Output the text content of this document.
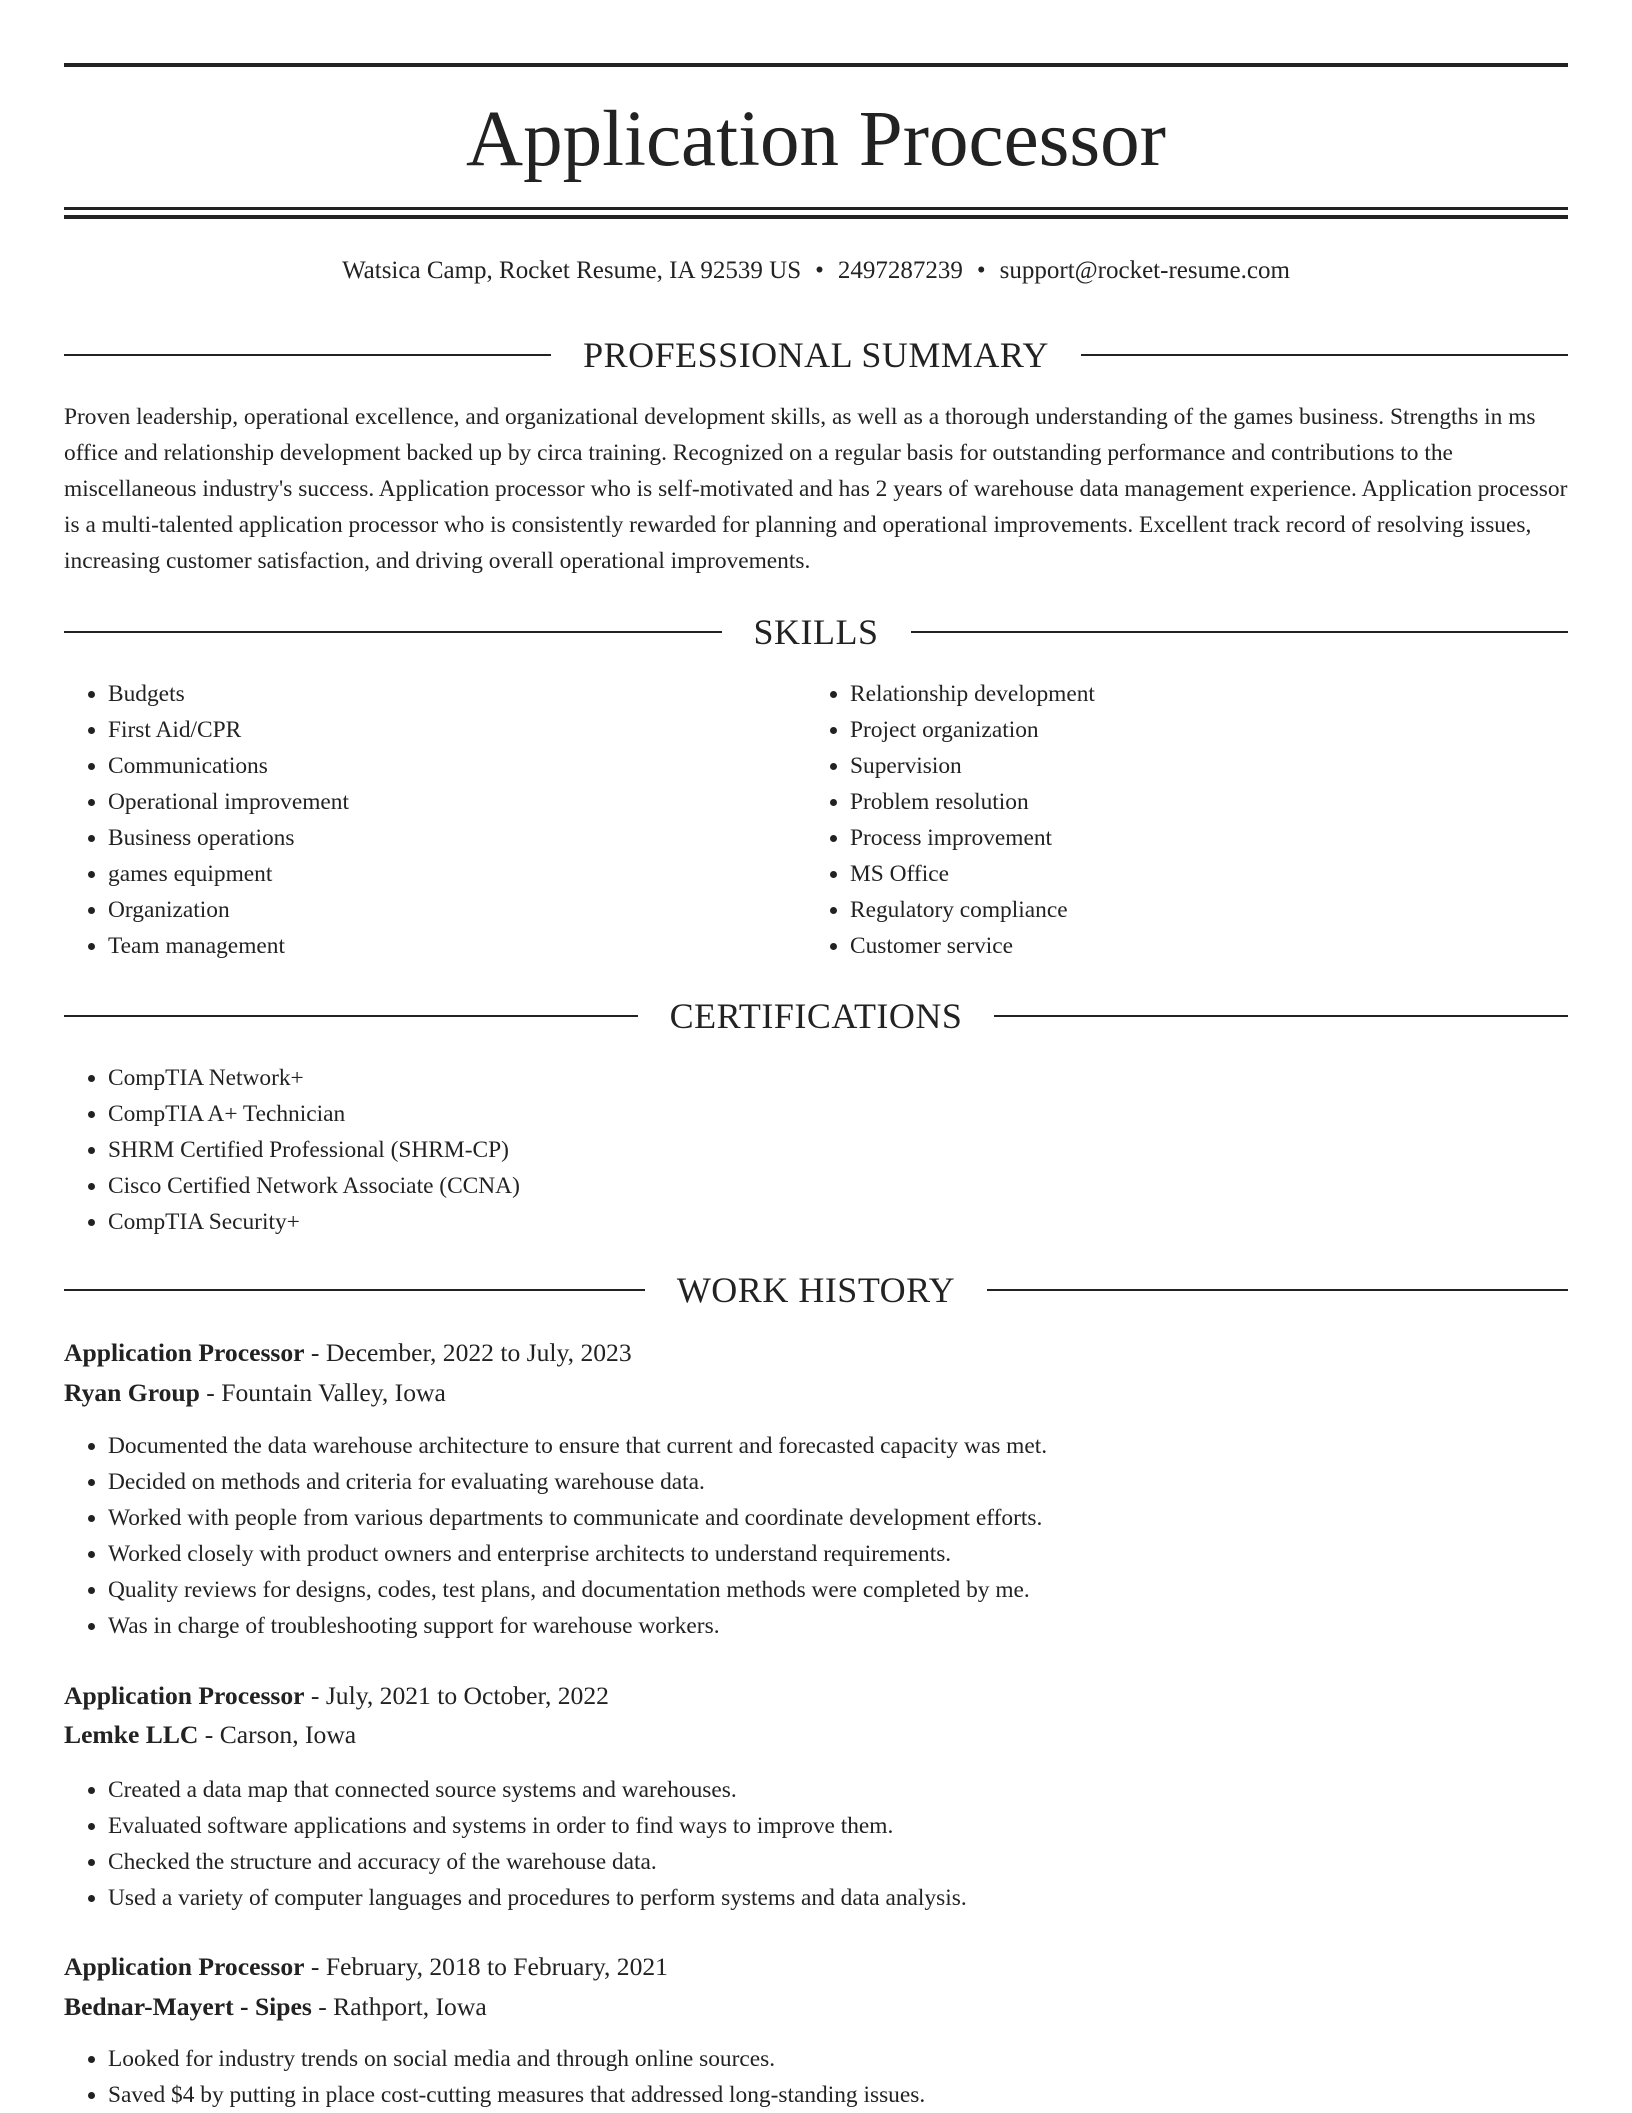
Application Processor
Watsica Camp, Rocket Resume, IA 92539 US • 2497287239 • support@rocket-resume.com
PROFESSIONAL SUMMARY

Proven leadership, operational excellence, and organizational development skills, as well as a thorough understanding of the games business. Strengths in ms office and relationship development backed up by circa training. Recognized on a regular basis for outstanding performance and contributions to the miscellaneous industry's success. Application processor who is self-motivated and has 2 years of warehouse data management experience. Application processor is a multi-talented application processor who is consistently rewarded for planning and operational improvements. Excellent track record of resolving issues, increasing customer satisfaction, and driving overall operational improvements.

SKILLS
• Budgets
• First Aid/CPR
• Communications
• Operational improvement
• Business operations
• games equipment
• Organization
• Team management
• Relationship development
• Project organization
• Supervision
• Problem resolution
• Process improvement
• MS Office
• Regulatory compliance
• Customer service
CERTIFICATIONS
• CompTIA Network+
• CompTIA A+ Technician
• SHRM Certified Professional (SHRM-CP)
• Cisco Certified Network Associate (CCNA)
• CompTIA Security+
WORK HISTORY
Application Processor - December, 2022 to July, 2023
Ryan Group - Fountain Valley, Iowa
• Documented the data warehouse architecture to ensure that current and forecasted capacity was met.
• Decided on methods and criteria for evaluating warehouse data.
• Worked with people from various departments to communicate and coordinate development efforts.
• Worked closely with product owners and enterprise architects to understand requirements.
• Quality reviews for designs, codes, test plans, and documentation methods were completed by me.
• Was in charge of troubleshooting support for warehouse workers.
Application Processor - July, 2021 to October, 2022
Lemke LLC - Carson, Iowa
• Created a data map that connected source systems and warehouses.
• Evaluated software applications and systems in order to find ways to improve them.
• Checked the structure and accuracy of the warehouse data.
• Used a variety of computer languages and procedures to perform systems and data analysis.
Application Processor - February, 2018 to February, 2021
Bednar-Mayert - Sipes - Rathport, Iowa
• Looked for industry trends on social media and through online sources.
• Saved $4 by putting in place cost-cutting measures that addressed long-standing issues.
